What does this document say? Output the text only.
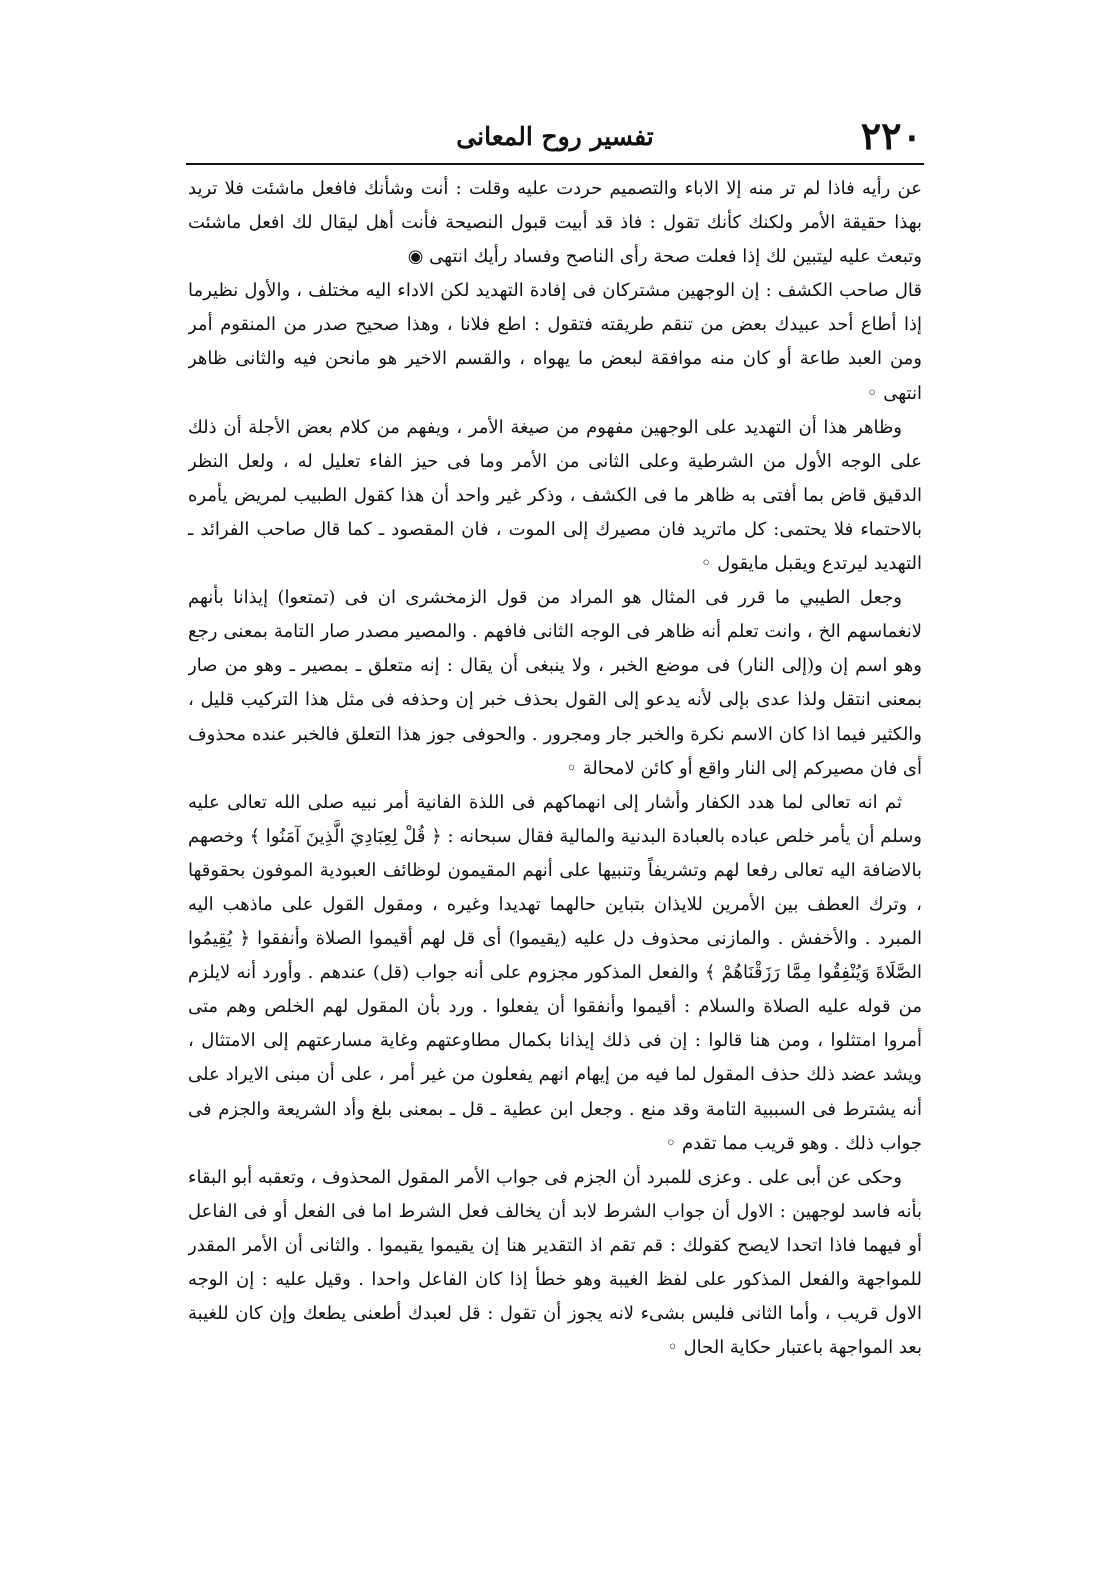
٢٢٠
تفسير روح المعانى

عن رأيه فاذا لم تر منه إلا الاباء والتصميم حردت عليه وقلت : أنت وشأنك فافعل ماشئت فلا تريد بهذا حقيقة الأمر ولكنك كأنك تقول : فاذ قد أبيت قبول النصيحة فأنت أهل ليقال لك افعل ماشئت وتبعث عليه ليتبين لك إذا فعلت صحة رأى الناصح وفساد رأيك انتهى ◉

قال صاحب الكشف : إن الوجهين مشتركان فى إفادة التهديد لكن الاداء اليه مختلف ، والأول نظيرما إذا أطاع أحد عبيدك بعض من تنقم طريقته فتقول : اطع فلانا ، وهذا صحيح صدر من المنقوم أمر ومن العبد طاعة أو كان منه موافقة لبعض ما يهواه ، والقسم الاخير هو مانحن فيه والثانى ظاهر انتهى ◦

وظاهر هذا أن التهديد على الوجهين مفهوم من صيغة الأمر ، ويفهم من كلام بعض الأجلة أن ذلك على الوجه الأول من الشرطية وعلى الثانى من الأمر وما فى حيز الفاء تعليل له ، ولعل النظر الدقيق قاض بما أفتى به ظاهر ما فى الكشف ، وذكر غير واحد أن هذا كقول الطبيب لمريض يأمره بالاحتماء فلا يحتمى: كل ماتريد فان مصيرك إلى الموت ، فان المقصود ـ كما قال صاحب الفرائد ـ التهديد ليرتدع ويقبل مايقول ◦

وجعل الطيبي ما قرر فى المثال هو المراد من قول الزمخشرى ان فى (تمتعوا) إيذانا بأنهم لانغماسهم الخ ، وانت تعلم أنه ظاهر فى الوجه الثانى فافهم . والمصير مصدر صار التامة بمعنى رجع وهو اسم إن و(إلى النار) فى موضع الخبر ، ولا ينبغى أن يقال : إنه متعلق ـ بمصير ـ وهو من صار بمعنى انتقل ولذا عدى بإلى لأنه يدعو إلى القول بحذف خبر إن وحذفه فى مثل هذا التركيب قليل ، والكثير فيما اذا كان الاسم نكرة والخبر جار ومجرور . والحوفى جوز هذا التعلق فالخبر عنده محذوف أى فان مصيركم إلى النار واقع أو كائن لامحالة ◦

ثم انه تعالى لما هدد الكفار وأشار إلى انهماكهم فى اللذة الفانية أمر نبيه صلى الله تعالى عليه وسلم أن يأمر خلص عباده بالعبادة البدنية والمالية فقال سبحانه : ﴿ قُلْ لِعِبَادِيَ الَّذِينَ آمَنُوا ﴾ وخصهم بالاضافة اليه تعالى رفعا لهم وتشريفاً وتنبيها على أنهم المقيمون لوظائف العبودية الموفون بحقوقها ، وترك العطف بين الأمرين للايذان بتباين حالهما تهديدا وغيره ، ومقول القول على ماذهب اليه المبرد . والأخفش . والمازنى محذوف دل عليه (يقيموا) أى قل لهم أقيموا الصلاة وأنفقوا ﴿ يُقِيمُوا الصَّلَاةَ وَيُنْفِقُوا مِمَّا رَزَقْنَاهُمْ ﴾ والفعل المذكور مجزوم على أنه جواب (قل) عندهم . وأورد أنه لايلزم من قوله عليه الصلاة والسلام : أقيموا وأنفقوا أن يفعلوا . ورد بأن المقول لهم الخلص وهم متى أمروا امتثلوا ، ومن هنا قالوا : إن فى ذلك إيذانا بكمال مطاوعتهم وغاية مسارعتهم إلى الامتثال ، ويشد عضد ذلك حذف المقول لما فيه من إيهام انهم يفعلون من غير أمر ، على أن مبنى الايراد على أنه يشترط فى السببية التامة وقد منع . وجعل ابن عطية ـ قل ـ بمعنى بلغ وأد الشريعة والجزم فى جواب ذلك . وهو قريب مما تقدم ◦

وحكى عن أبى على . وعزى للمبرد أن الجزم فى جواب الأمر المقول المحذوف ، وتعقبه أبو البقاء بأنه فاسد لوجهين : الاول أن جواب الشرط لابد أن يخالف فعل الشرط اما فى الفعل أو فى الفاعل أو فيهما فاذا اتحدا لايصح كقولك : قم تقم اذ التقدير هنا إن يقيموا يقيموا . والثانى أن الأمر المقدر للمواجهة والفعل المذكور على لفظ الغيبة وهو خطأ إذا كان الفاعل واحدا . وقيل عليه : إن الوجه الاول قريب ، وأما الثانى فليس بشىء لانه يجوز أن تقول : قل لعبدك أطعنى يطعك وإن كان للغيبة بعد المواجهة باعتبار حكاية الحال ◦
